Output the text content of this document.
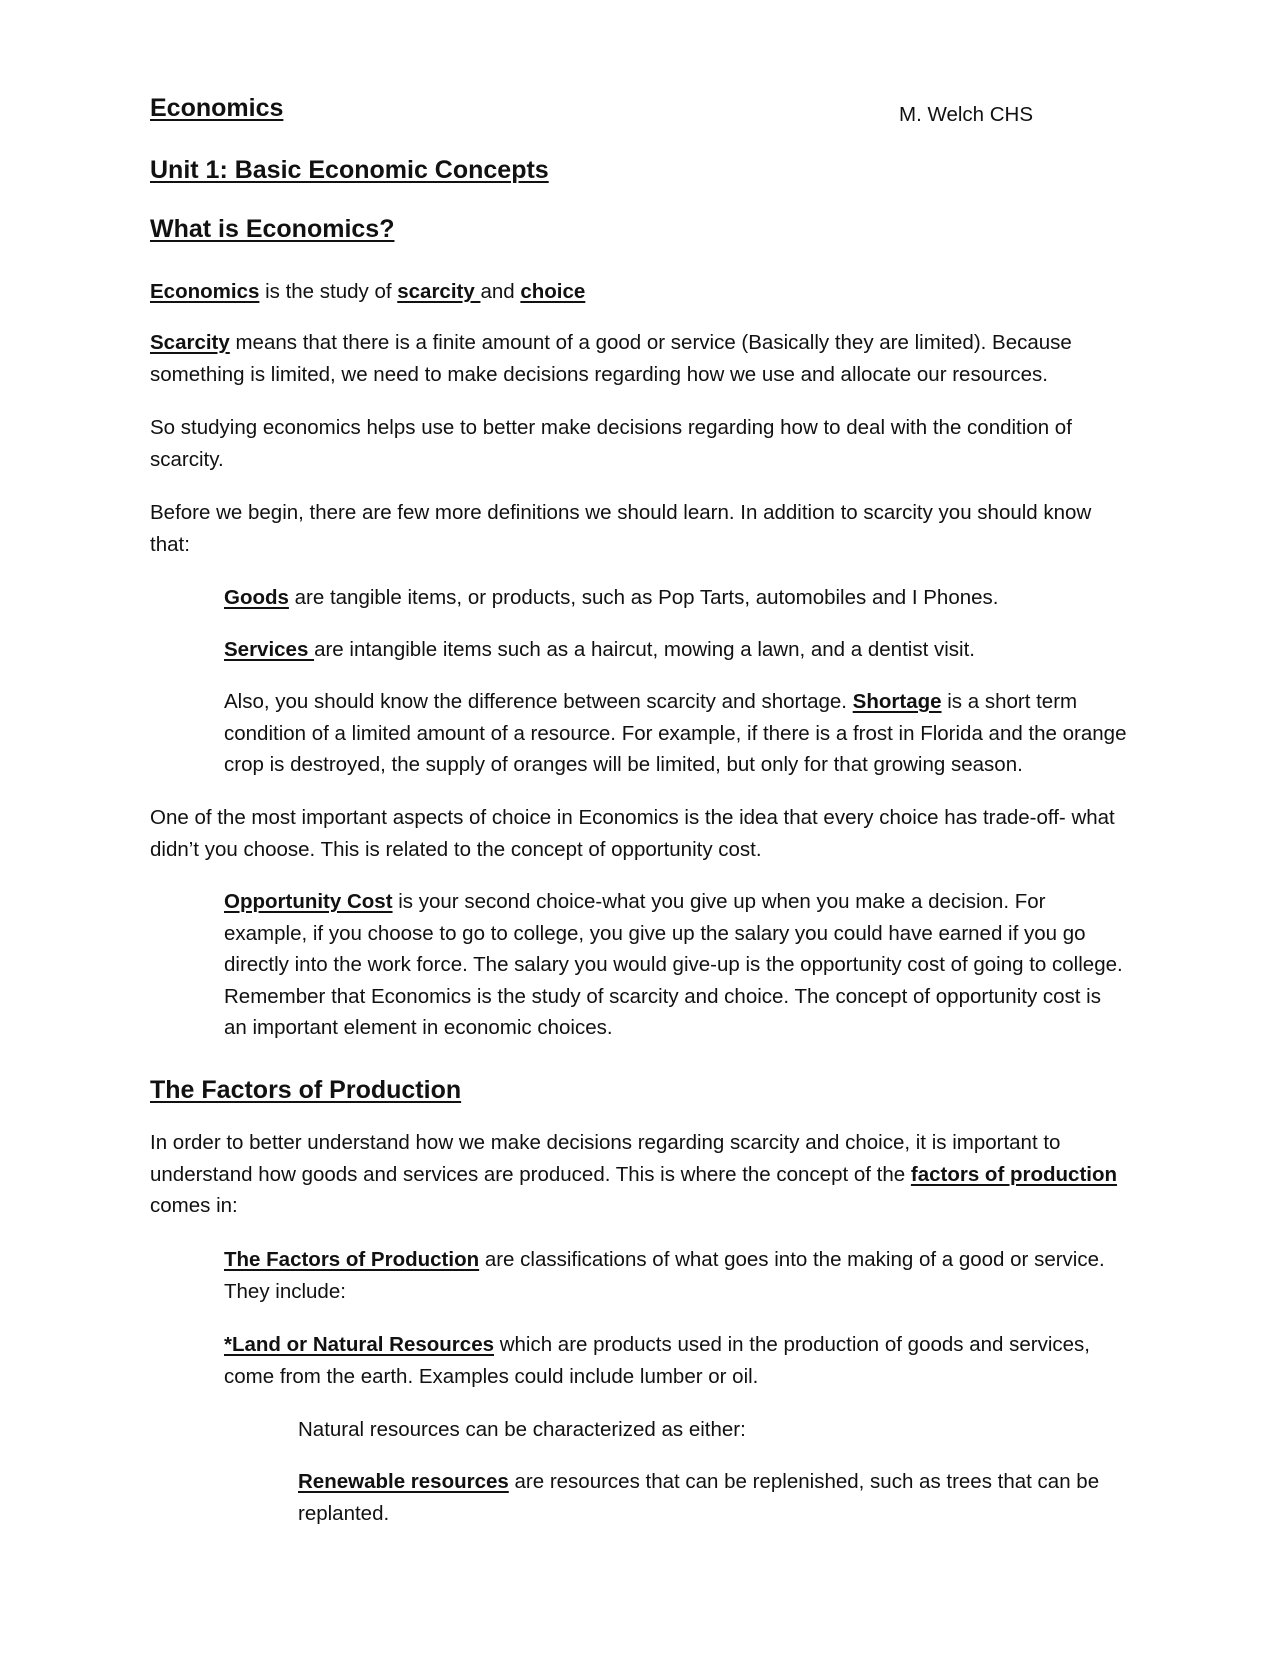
Economics	M. Welch CHS
Unit 1: Basic Economic Concepts
What is Economics?

Economics is the study of scarcity and choice

Scarcity means that there is a finite amount of a good or service (Basically they are limited). Because something is limited, we need to make decisions regarding how we use and allocate our resources.

So studying economics helps use to better make decisions regarding how to deal with the condition of scarcity.

Before we begin, there are few more definitions we should learn. In addition to scarcity you should know that:

Goods are tangible items, or products, such as Pop Tarts, automobiles and I Phones.

Services are intangible items such as a haircut, mowing a lawn, and a dentist visit.

Also, you should know the difference between scarcity and shortage. Shortage is a short term condition of a limited amount of a resource. For example, if there is a frost in Florida and the orange crop is destroyed, the supply of oranges will be limited, but only for that growing season.

One of the most important aspects of choice in Economics is the idea that every choice has trade-off- what didn’t you choose. This is related to the concept of opportunity cost.

Opportunity Cost is your second choice-what you give up when you make a decision. For example, if you choose to go to college, you give up the salary you could have earned if you go directly into the work force. The salary you would give-up is the opportunity cost of going to college. Remember that Economics is the study of scarcity and choice. The concept of opportunity cost is an important element in economic choices.

The Factors of Production

In order to better understand how we make decisions regarding scarcity and choice, it is important to understand how goods and services are produced. This is where the concept of the factors of production comes in:

The Factors of Production are classifications of what goes into the making of a good or service. They include:

*Land or Natural Resources which are products used in the production of goods and services, come from the earth. Examples could include lumber or oil.

Natural resources can be characterized as either:

Renewable resources are resources that can be replenished, such as trees that can be replanted.
